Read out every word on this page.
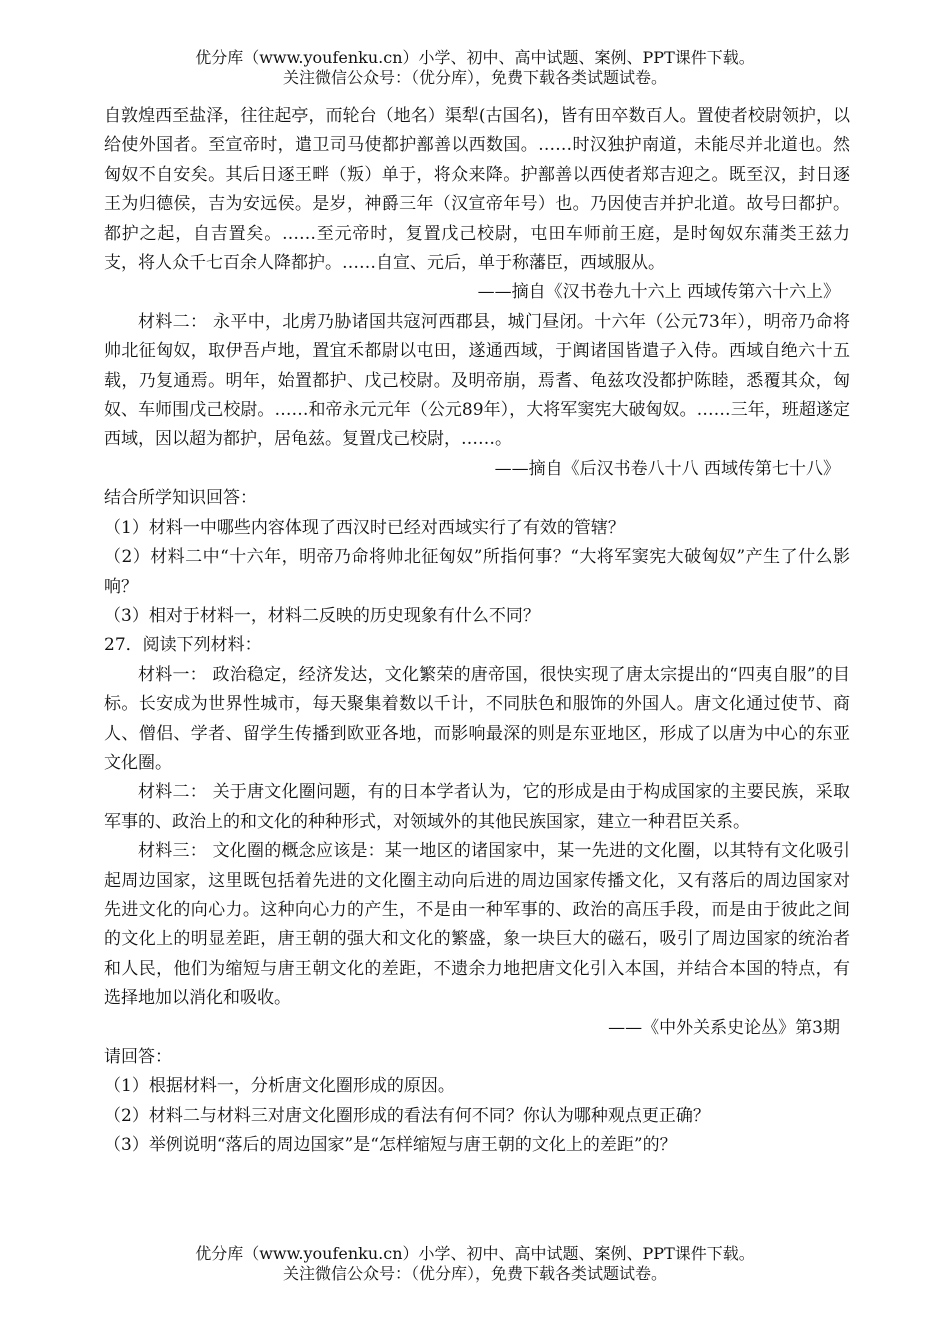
优分库（www.youfenku.cn）小学、初中、高中试题、案例、PPT课件下载。
关注微信公众号：（优分库），免费下载各类试题试卷。

自敦煌西至盐泽，往往起亭，而轮台（地名）渠犁(古国名)，皆有田卒数百人。置使者校尉领护，以给使外国者。至宣帝时，遣卫司马使都护鄯善以西数国。……时汉独护南道，未能尽并北道也。然匈奴不自安矣。其后日逐王畔（叛）单于，将众来降。护鄯善以西使者郑吉迎之。既至汉，封日逐王为归德侯，吉为安远侯。是岁，神爵三年（汉宣帝年号）也。乃因使吉并护北道。故号曰都护。都护之起，自吉置矣。……至元帝时，复置戊己校尉，屯田车师前王庭，是时匈奴东蒲类王兹力支，将人众千七百余人降都护。……自宣、元后，单于称藩臣，西域服从。

——摘自《汉书卷九十六上 西域传第六十六上》

材料二： 永平中，北虏乃胁诸国共寇河西郡县，城门昼闭。十六年（公元73年），明帝乃命将帅北征匈奴，取伊吾卢地，置宜禾都尉以屯田，遂通西域，于阗诸国皆遣子入侍。西域自绝六十五载，乃复通焉。明年，始置都护、戊己校尉。及明帝崩，焉耆、龟兹攻没都护陈睦，悉覆其众，匈奴、车师围戊己校尉。……和帝永元元年（公元89年），大将军窦宪大破匈奴。……三年，班超遂定西域，因以超为都护，居龟兹。复置戊己校尉，……。

——摘自《后汉书卷八十八 西域传第七十八》

结合所学知识回答：

（1）材料一中哪些内容体现了西汉时已经对西域实行了有效的管辖？

（2）材料二中“十六年，明帝乃命将帅北征匈奴”所指何事？“大将军窦宪大破匈奴”产生了什么影响？

（3）相对于材料一，材料二反映的历史现象有什么不同？

27．阅读下列材料：

材料一： 政治稳定，经济发达，文化繁荣的唐帝国，很快实现了唐太宗提出的“四夷自服”的目标。长安成为世界性城市，每天聚集着数以千计，不同肤色和服饰的外国人。唐文化通过使节、商人、僧侣、学者、留学生传播到欧亚各地，而影响最深的则是东亚地区，形成了以唐为中心的东亚文化圈。

材料二： 关于唐文化圈问题，有的日本学者认为，它的形成是由于构成国家的主要民族，采取军事的、政治上的和文化的种种形式，对领域外的其他民族国家，建立一种君臣关系。

材料三： 文化圈的概念应该是：某一地区的诸国家中，某一先进的文化圈，以其特有文化吸引起周边国家，这里既包括着先进的文化圈主动向后进的周边国家传播文化，又有落后的周边国家对先进文化的向心力。这种向心力的产生，不是由一种军事的、政治的高压手段，而是由于彼此之间的文化上的明显差距，唐王朝的强大和文化的繁盛，象一块巨大的磁石，吸引了周边国家的统治者和人民，他们为缩短与唐王朝文化的差距，不遗余力地把唐文化引入本国，并结合本国的特点，有选择地加以消化和吸收。

——《中外关系史论丛》第3期

请回答：

（1）根据材料一，分析唐文化圈形成的原因。

（2）材料二与材料三对唐文化圈形成的看法有何不同？你认为哪种观点更正确？

（3）举例说明“落后的周边国家”是“怎样缩短与唐王朝的文化上的差距”的？

优分库（www.youfenku.cn）小学、初中、高中试题、案例、PPT课件下载。
关注微信公众号：（优分库），免费下载各类试题试卷。
